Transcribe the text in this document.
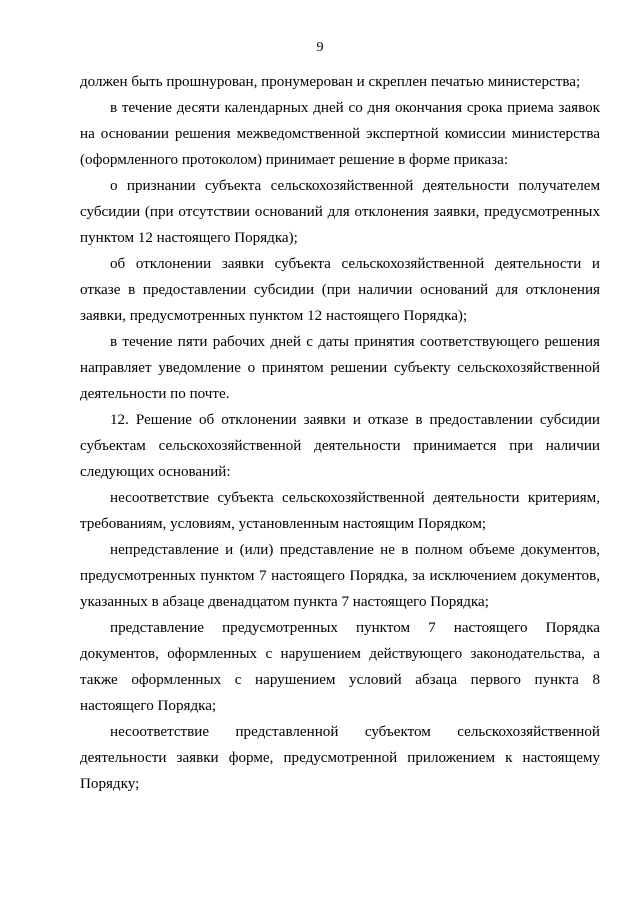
9
должен быть прошнурован, пронумерован и скреплен печатью министерства;
в течение десяти календарных дней со дня окончания срока приема заявок
на основании решения межведомственной экспертной комиссии министерства
(оформленного протоколом) принимает решение в форме приказа:
о признании субъекта сельскохозяйственной деятельности получателем
субсидии (при отсутствии оснований для отклонения заявки, предусмотренных
пунктом 12 настоящего Порядка);
об отклонении заявки субъекта сельскохозяйственной деятельности и
отказе в предоставлении субсидии (при наличии оснований для отклонения
заявки, предусмотренных пунктом 12 настоящего Порядка);
в течение пяти рабочих дней с даты принятия соответствующего решения
направляет уведомление о принятом решении субъекту сельскохозяйственной
деятельности по почте.
12. Решение об отклонении заявки и отказе в предоставлении субсидии
субъектам сельскохозяйственной деятельности принимается при наличии
следующих оснований:
несоответствие субъекта сельскохозяйственной деятельности критериям,
требованиям, условиям, установленным настоящим Порядком;
непредставление и (или) представление не в полном объеме документов,
предусмотренных пунктом 7 настоящего Порядка, за исключением документов,
указанных в абзаце двенадцатом пункта 7 настоящего Порядка;
представление предусмотренных пунктом 7 настоящего Порядка
документов, оформленных с нарушением действующего законодательства, а
также оформленных с нарушением условий абзаца первого пункта 8
настоящего Порядка;
несоответствие представленной субъектом сельскохозяйственной
деятельности заявки форме, предусмотренной приложением к настоящему
Порядку;
